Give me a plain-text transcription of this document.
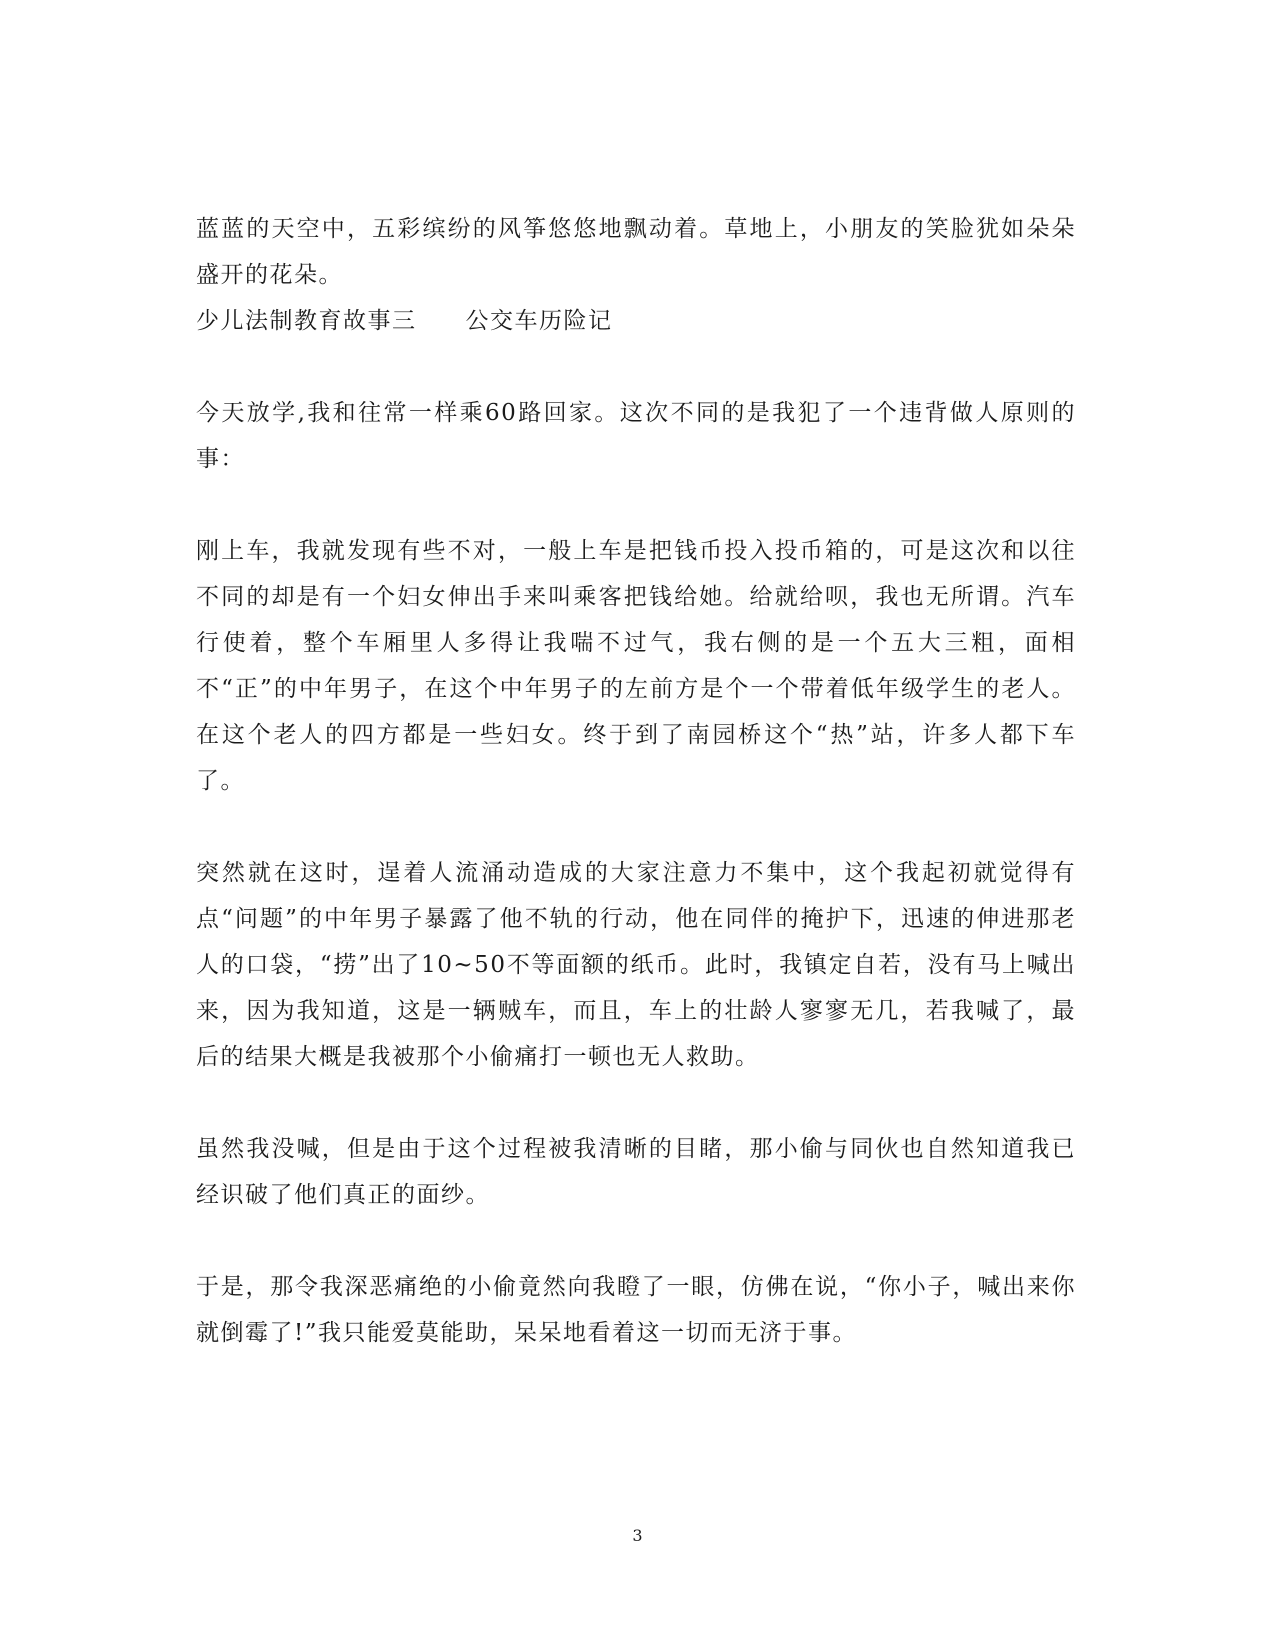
蓝蓝的天空中，五彩缤纷的风筝悠悠地飘动着。草地上，小朋友的笑脸犹如朵朵盛开的花朵。

少儿法制教育故事三　　公交车历险记

今天放学,我和往常一样乘60路回家。这次不同的是我犯了一个违背做人原则的事：

刚上车，我就发现有些不对，一般上车是把钱币投入投币箱的，可是这次和以往不同的却是有一个妇女伸出手来叫乘客把钱给她。给就给呗，我也无所谓。汽车行使着，整个车厢里人多得让我喘不过气，我右侧的是一个五大三粗，面相不“正”的中年男子，在这个中年男子的左前方是个一个带着低年级学生的老人。在这个老人的四方都是一些妇女。终于到了南园桥这个“热”站，许多人都下车了。

突然就在这时，逞着人流涌动造成的大家注意力不集中，这个我起初就觉得有点“问题”的中年男子暴露了他不轨的行动，他在同伴的掩护下，迅速的伸进那老人的口袋，“捞”出了10~50不等面额的纸币。此时，我镇定自若，没有马上喊出来，因为我知道，这是一辆贼车，而且，车上的壮龄人寥寥无几，若我喊了，最后的结果大概是我被那个小偷痛打一顿也无人救助。

虽然我没喊，但是由于这个过程被我清晰的目睹，那小偷与同伙也自然知道我已经识破了他们真正的面纱。

于是，那令我深恶痛绝的小偷竟然向我瞪了一眼，仿佛在说，“你小子，喊出来你就倒霉了!”我只能爱莫能助，呆呆地看着这一切而无济于事。

3
